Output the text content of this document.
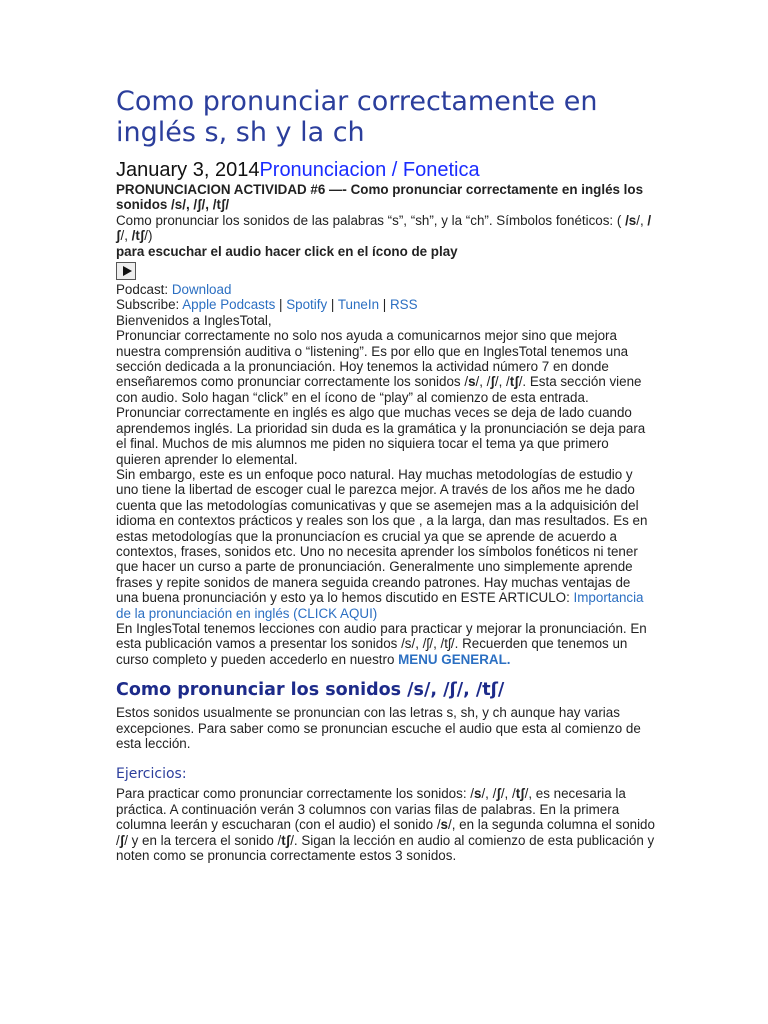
Como pronunciar correctamente en inglés s, sh y la ch

January 3, 2014Pronunciacion / Fonetica

PRONUNCIACION ACTIVIDAD #6 —- Como pronunciar correctamente en inglés los sonidos /s/, /ʃ/, /tʃ/

Como pronunciar los sonidos de las palabras “s”, “sh”, y la “ch”. Símbolos fonéticos: ( /s/, /ʃ/, /tʃ/)

para escuchar el audio hacer click en el ícono de play

Podcast: Download

Subscribe: Apple Podcasts | Spotify | TuneIn | RSS

Bienvenidos a InglesTotal,

Pronunciar correctamente no solo nos ayuda a comunicarnos mejor sino que mejora nuestra comprensión auditiva o “listening”. Es por ello que en InglesTotal tenemos una sección dedicada a la pronunciación. Hoy tenemos la actividad número 7 en donde enseñaremos como pronunciar correctamente los sonidos /s/, /ʃ/, /tʃ/. Esta sección viene con audio. Solo hagan “click” en el ícono de “play” al comienzo de esta entrada.

Pronunciar correctamente en inglés es algo que muchas veces se deja de lado cuando aprendemos inglés. La prioridad sin duda es la gramática y la pronunciación se deja para el final. Muchos de mis alumnos me piden no siquiera tocar el tema ya que primero quieren aprender lo elemental.

Sin embargo, este es un enfoque poco natural. Hay muchas metodologías de estudio y uno tiene la libertad de escoger cual le parezca mejor. A través de los años me he dado cuenta que las metodologías comunicativas y que se asemejen mas a la adquisición del idioma en contextos prácticos y reales son los que , a la larga, dan mas resultados. Es en estas metodologías que la pronunciacíon es crucial ya que se aprende de acuerdo a contextos, frases, sonidos etc. Uno no necesita aprender los símbolos fonéticos ni tener que hacer un curso a parte de pronunciación. Generalmente uno simplemente aprende frases y repite sonidos de manera seguida creando patrones. Hay muchas ventajas de una buena pronunciación y esto ya lo hemos discutido en ESTE ARTICULO: Importancia de la pronunciación en inglés (CLICK AQUI)

En InglesTotal tenemos lecciones con audio para practicar y mejorar la pronunciación. En esta publicación vamos a presentar los sonidos /s/, /ʃ/, /tʃ/. Recuerden que tenemos un curso completo y pueden accederlo en nuestro MENU GENERAL.

Como pronunciar los sonidos /s/, /ʃ/, /tʃ/

Estos sonidos usualmente se pronuncian con las letras s, sh, y ch aunque hay varias excepciones. Para saber como se pronuncian escuche el audio que esta al comienzo de esta lección.

Ejercicios:

Para practicar como pronunciar correctamente los sonidos: /s/, /ʃ/, /tʃ/, es necesaria la práctica. A continuación verán 3 columnos con varias filas de palabras. En la primera columna leerán y escucharan (con el audio) el sonido /s/, en la segunda columna el sonido /ʃ/ y en la tercera el sonido /tʃ/. Sigan la lección en audio al comienzo de esta publicación y noten como se pronuncia correctamente estos 3 sonidos.
